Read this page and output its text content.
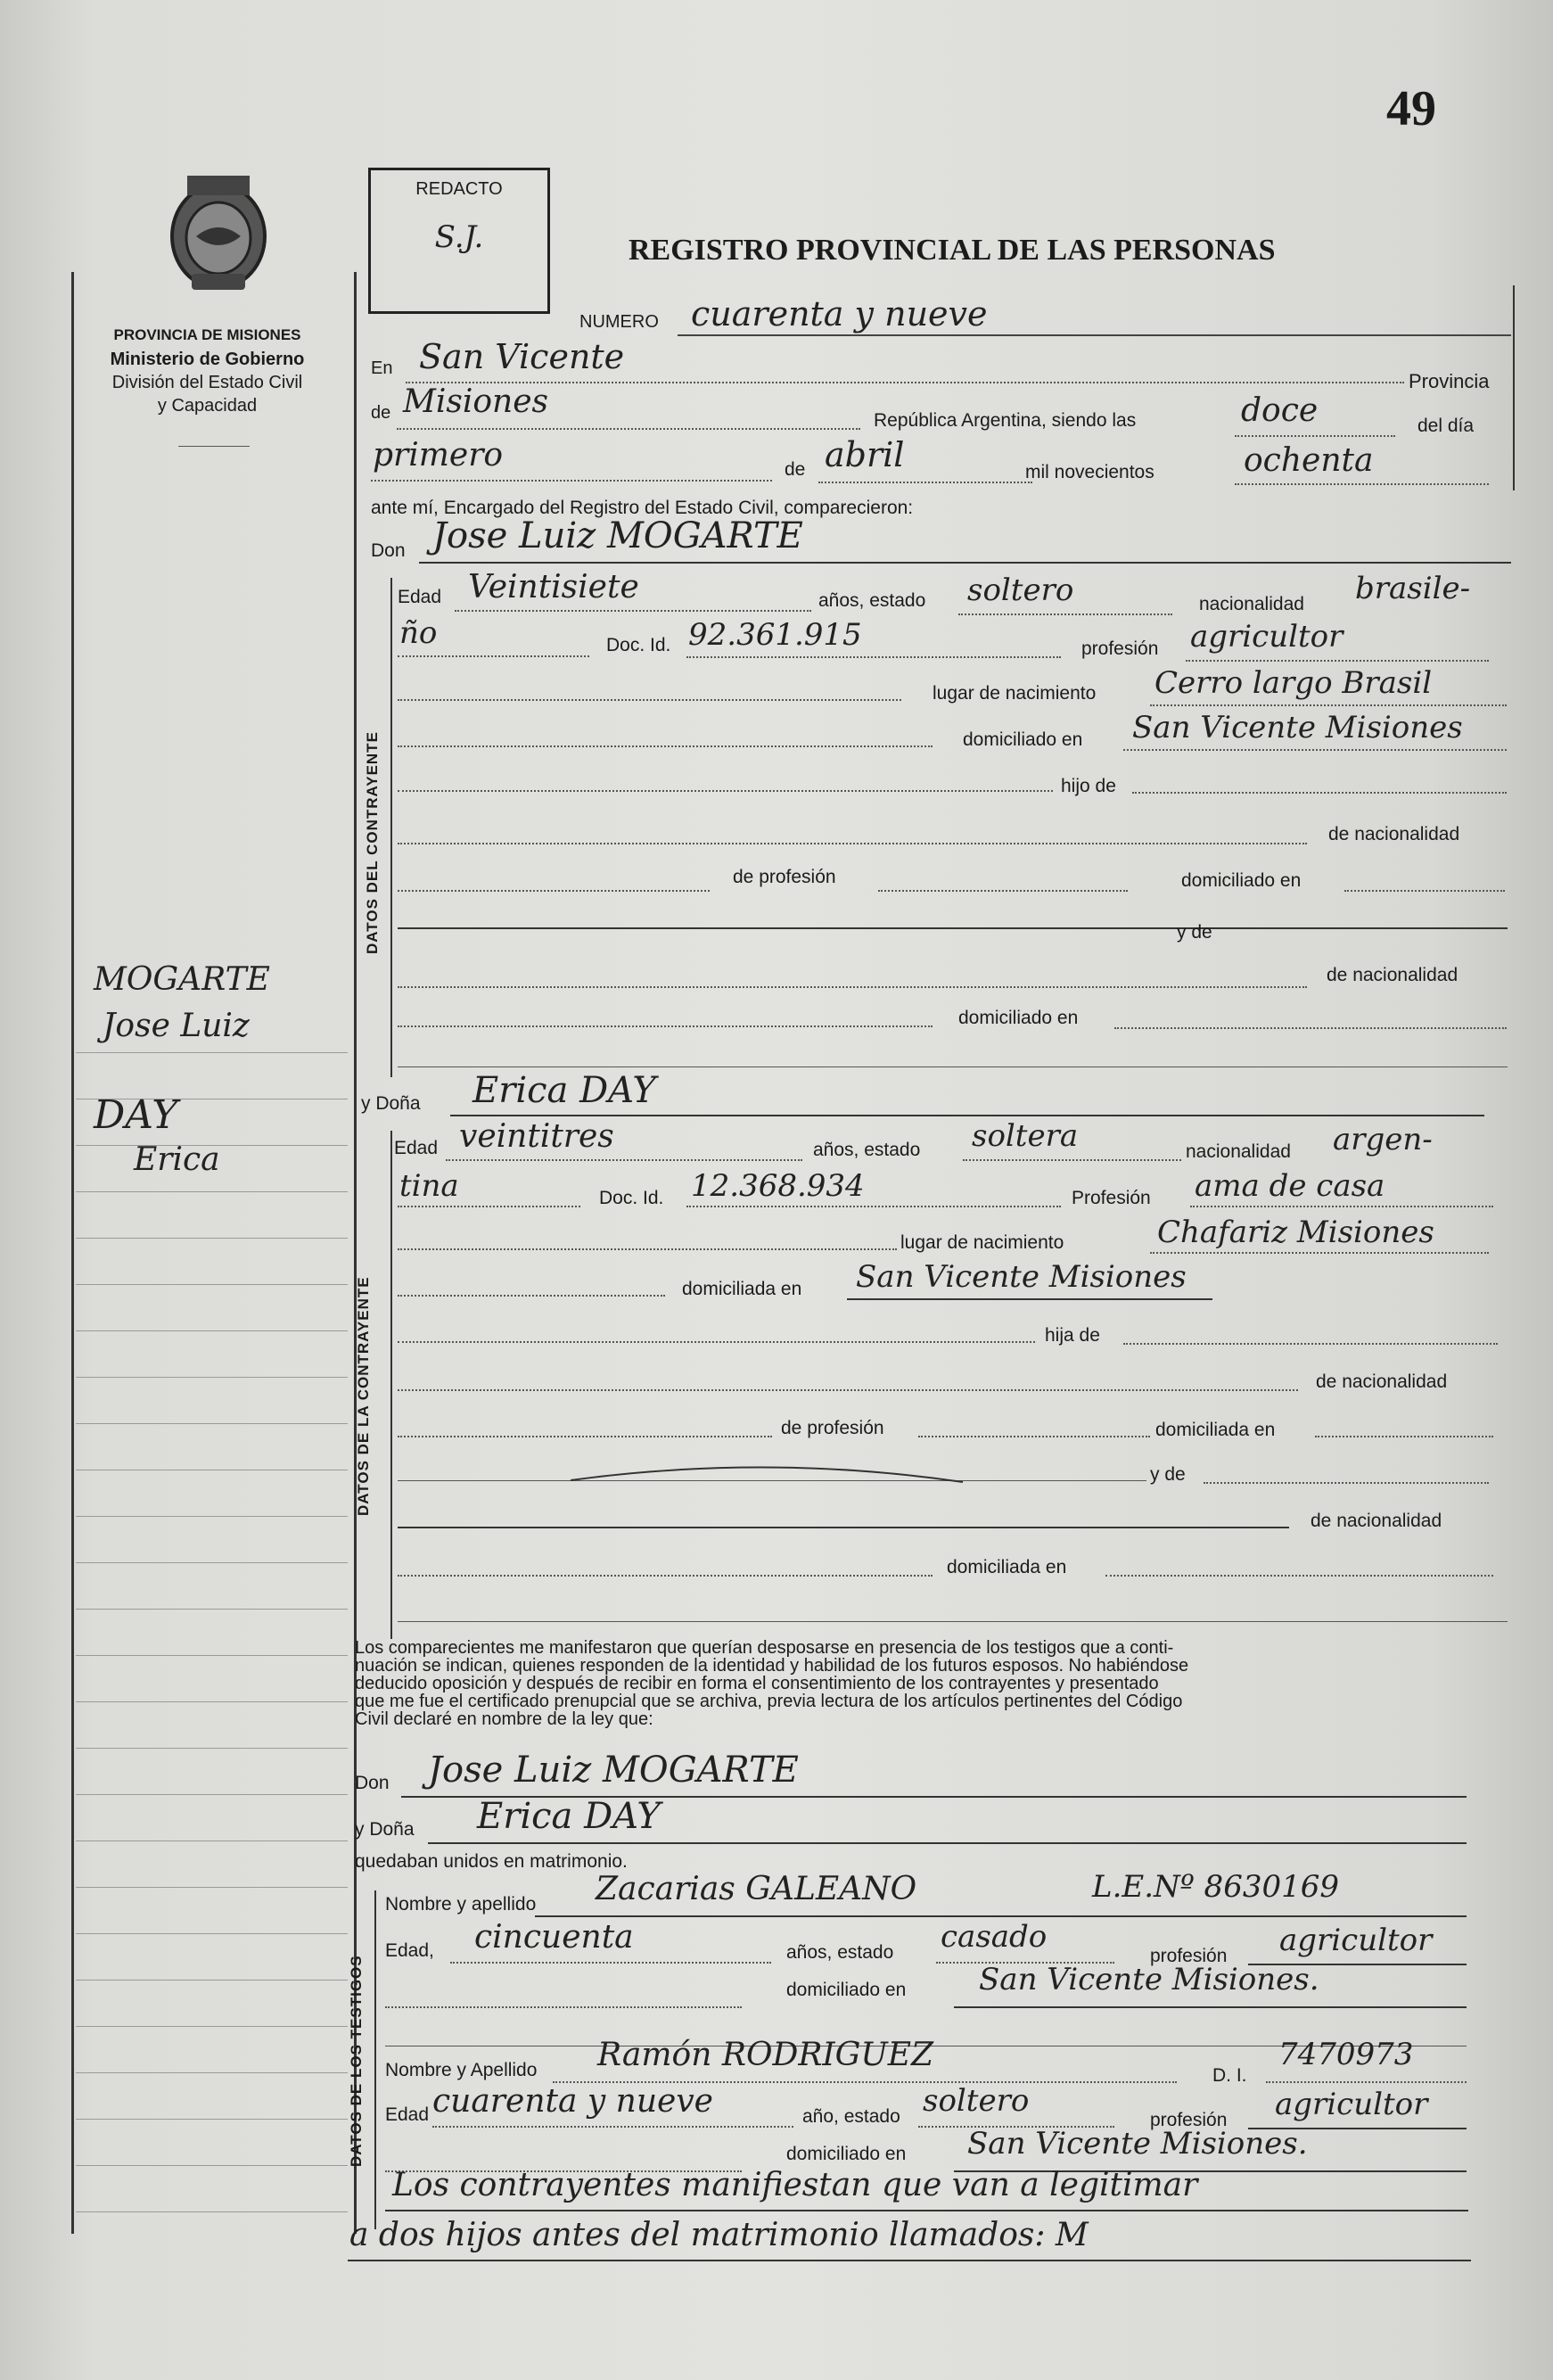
49
PROVINCIA DE MISIONES
Ministerio de Gobierno
División del Estado Civil
y Capacidad
MOGARTE
Jose Luiz
DAY
Erica
REDACTO
S.J.	REGISTRO PROVINCIAL DE LAS PERSONAS
NUMERO cuarenta y nueve
En San Vicente
Provincia
de Misiones
República Argentina, siendo las	doce	del día
primero	de abril	mil novecientos	ochenta
ante mí, Encargado del Registro del Estado Civil, comparecieron:
Don Jose Luiz MOGARTE
DATOS DEL CONTRAYENTE
Edad Veintisiete	años, estado soltero	nacionalidad brasile-
ño	Doc. Id. 92.361.915	profesión agricultor
lugar de nacimiento Cerro largo Brasil
domiciliado en San Vicente Misiones
hijo de
de nacionalidad
de profesión	domiciliado en
y de
de nacionalidad
domiciliado en
y Doña Erica DAY
DATOS DE LA CONTRAYENTE
Edad veintitres	años, estado soltera	nacionalidad argen-
tina	Doc. Id. 12.368.934	Profesión ama de casa
lugar de nacimiento	Chafariz Misiones
domiciliada en San Vicente Misiones
hija de
de nacionalidad
de profesión	domiciliada en
y de
de nacionalidad
domiciliada en
Los comparecientes me manifestaron que querían desposarse en presencia de los testigos que a conti-
nuación se indican, quienes responden de la identidad y habilidad de los futuros esposos. No habiéndose
deducido oposición y después de recibir en forma el consentimiento de los contrayentes y presentado
que me fue el certificado prenupcial que se archiva, previa lectura de los artículos pertinentes del Código
Civil declaré en nombre de la ley que:
Don Jose Luiz MOGARTE
y Doña Erica DAY
quedaban unidos en matrimonio.
DATOS DE LOS TESTIGOS
Nombre y apellido Zacarias GALEANO	L.E.Nº 8630169
Edad, cincuenta	años, estado casado
profesión agricultor
domiciliado en San Vicente Misiones.
Nombre y Apellido Ramón RODRIGUEZ
D. I.
7470973
Edad cuarenta y nueve	año, estado soltero
profesión agricultor
domiciliado en San Vicente Misiones.
Los contrayentes manifiestan que van a legitimar
a dos hijos antes del matrimonio llamados: M
